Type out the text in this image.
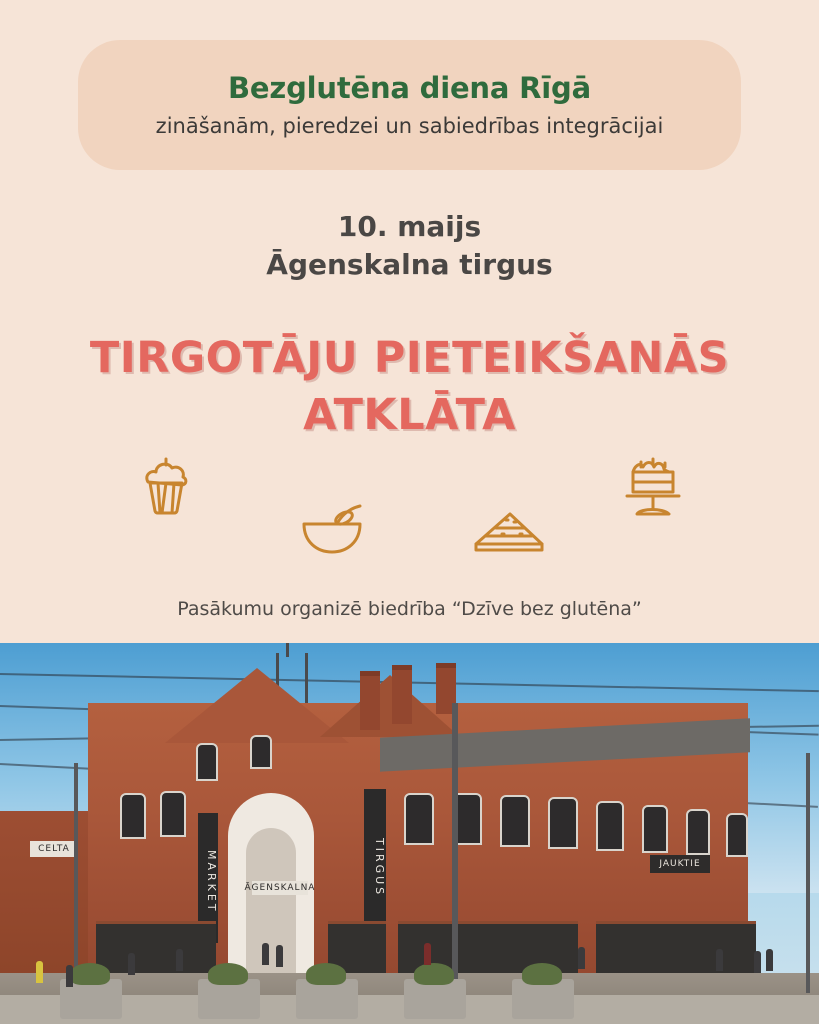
Bezglutēna diena Rīgā
zināšanām, pieredzei un sabiedrības integrācijai
10. maijs
Āgenskalna tirgus
TIRGOTĀJU PIETEIKŠANĀS
ATKLĀTA
Pasākumu organizē biedrība “Dzīve bez glutēna”
CELTA
ĀGENSKALNA
MARKET	TIRGUS	JAUKTIE
